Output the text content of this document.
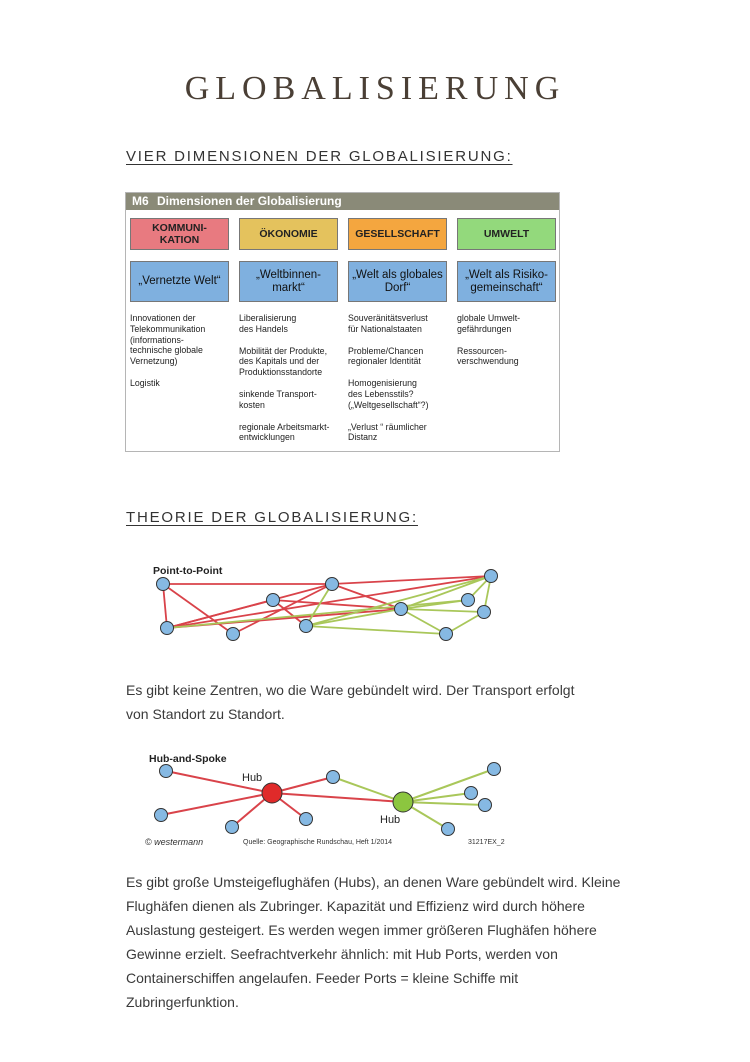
GLOBALISIERUNG
VIER DIMENSIONEN DER GLOBALISIERUNG:
M6 Dimensionen der Globalisierung
KOMMUNI-
KATION
„Vernetzte Welt“

Innovationen der
Telekommunikation
(informations-
technische globale
Vernetzung)

Logistik

ÖKONOMIE
„Weltbinnen-
markt“

Liberalisierung
des Handels

Mobilität der Produkte,
des Kapitals und der
Produktionsstandorte

sinkende Transport-
kosten

regionale Arbeitsmarkt-
entwicklungen

GESELLSCHAFT
„Welt als globales
Dorf“

Souveränitätsverlust
für Nationalstaaten

Probleme/Chancen
regionaler Identität

Homogenisierung
des Lebensstils?
(„Weltgesellschaft“?)

„Verlust “ räumlicher
Distanz

UMWELT
„Welt als Risiko-
gemeinschaft“

globale Umwelt-
gefährdungen

Ressourcen-
verschwendung

THEORIE DER GLOBALISIERUNG:
Point-to-Point
Es gibt keine Zentren, wo die Ware gebündelt wird. Der Transport erfolgt von Standort zu Standort.
Hub-and-Spoke
Hub
Hub
© westermann	Quelle: Geographische Rundschau, Heft 1/2014	31217EX_2
Es gibt große Umsteigeflughäfen (Hubs), an denen Ware gebündelt wird. Kleine Flughäfen dienen als Zubringer. Kapazität und Effizienz wird durch höhere Auslastung gesteigert. Es werden wegen immer größeren Flughäfen höhere Gewinne erzielt. Seefrachtverkehr ähnlich: mit Hub Ports, werden von Containerschiffen angelaufen. Feeder Ports = kleine Schiffe mit Zubringerfunktion.
